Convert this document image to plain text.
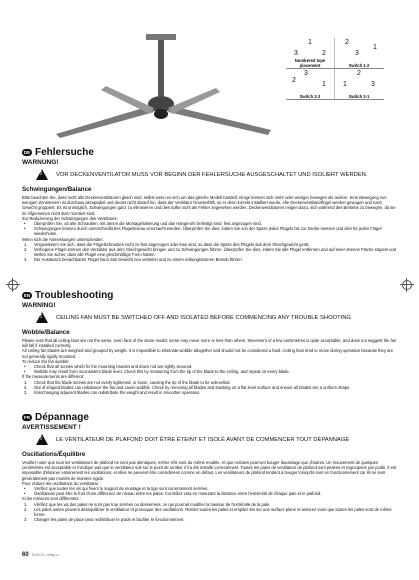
1
3	2
Numbered tape placement
2
3
1
Switch 1-2
2
3
1
Switch 2-3
2
1	3
Switch 3-1
DE Fehlersuche
WARNUNG!
! VOR DECKENVENTILATOR MUSS VOR BEGINN DER FEHLERSUCHE AUSGESCHALTET UND ISOLIERT WERDEN.
Schwingungen/Balance

Bitte beachten Sie, dass nicht alle Deckenventilatoren gleich sind, selbst wenn es sich um das gleiche Modell handelt; einige können sich mehr oder weniger bewegen als andere. Eine Bewegung von wenigen Zentimetern ist durchaus akzeptabel und deutet nicht darauf hin, dass der Ventilator hinunterfällt, so er denn korrekt installiert wurde. Alle Deckenventilatorflügel werden gewogen und nach Gewicht gruppiert. Es ist unmöglich, Schwingungen ganz zu eliminieren und dies sollte nicht als Fehler angesehen werden. Deckenventilatoren neigen dazu, sich während des Betriebs zu bewegen, da sie im Allgemeinen nicht starr montiert sind.

Zur Reduzierung der Schwingungen des Ventilators:

•	Überprüfen Sie, ob alle Schrauben, mit denen die Montagehalterung und das Hängerohr befestigt sind, fest angezogen sind.
•	Schwingungen können durch unterschiedliches Flügelniveau verursacht werden. Überprüfen Sie dies, indem Sie von der Spitze jedes Flügels bis zur Decke messen und dies für jeden Flügel wiederholen.

Wenn sich die Abmessungen unterscheiden:

1.	Vergewissern Sie sich, dass die Flügelschrauben nicht zu fest angezogen oder lose sind, so dass die Spitze des Flügels aus dem Gleichgewicht gerät.
2.	Verbogene Flügel können den Ventilator aus dem Gleichgewicht bringen und zu Schwingungen führen. Überprüfen Sie dies, indem Sie alle Flügel entfernen und auf einer ebenen Fläche stapeln und stellen Sie sicher, dass alle Flügel eine gleichmäßige Form haben.
3.	Der Austausch benachbarter Flügel kann das Gewicht neu verteilen und zu einem reibungsloseren Betrieb führen.
EN Troubleshooting
WARNING!
! CEILING FAN MUST BE SWITCHED OFF AND ISOLATED BEFORE COMMENCING ANY TROUBLE SHOOTING
Wobble/Balance

Please note that all ceiling fans are not the same, even fans of the same model; some may move more or less than others. Movement of a few centimetres is quite acceptable, and does not suggest the fan will fall if installed correctly.

All ceiling fan blades are weighed and grouped by weight. It is impossible to eliminate wobble altogether and should not be considered a fault. Ceiling fans tend to move during operation because they are not generally rigidly mounted.

To reduce the fan wobble:

•	Check that all screws which fix the mounting bracket and down rod are tightly secured.
•	Wobble may result from inconsistent blade level. Check this by measuring from the tip of the blade to the ceiling, and repeat on every blade.

If the measurements are different:

1.	Check that the blade screws are not overly tightened, or loose, causing the tip of the blade to be unlevelled.
2.	Out of shaped blades can unbalance the fan and cause wobble. Check by removing all blades and stacking on a flat level surface and ensure all blades are a uniform shape.
3.	Interchanging adjacent blades can redistribute the weight and result in smoother operation.
FR Dépannage
AVERTISSEMENT !
! LE VENTILATEUR DE PLAFOND DOIT ÊTRE ÉTEINT ET ISOLÉ AVANT DE COMMENCER TOUT DÉPANNAGE
Oscillations/Équilibre

Veuillez noter que tous les ventilateurs de plafond ne sont pas identiques, même s'ils sont du même modèle, et que certains pourront bouger davantage que d'autres. Un mouvement de quelques centimètres est acceptable et n'indique pas que le ventilateur soit sur le point de tomber s'il a été installé correctement. Toutes les pales de ventilateur de plafond sont pesées et regroupées par poids. Il est impossible d'éliminer entièrement les oscillations, et elles ne peuvent être considérées comme un défaut. Les ventilateurs de plafond tendent à bouger lorsqu'ils sont en fonctionnement car ils ne sont généralement pas montés de manière rigide.

Pour réduire les oscillations du ventilateur :

•	Vérifiez que toutes les vis qui fixent le support de montage et la tige sont correctement serrées.
•	Oscillations peut être le fruit d'une différence de niveau entre les pales. Contrôlez cela en mesurant la distance entre l'extrémité de chaque pale et le plafond.

Si les mesures sont différentes :

1.	Vérifiez que les vis des pales ne sont pas trop serrées ou desserrées, ce qui pourrait modifier la hauteur de l'extrémité de la pale.
2.	Les pales usées peuvent déséquilibrer le ventilateur et provoquer des oscillations. Retirez toutes les pales et empilez-les sur une surface plane et assurez-vous que toutes les pales sont de même forme.
3.	Changer les pales de place peut redistribuer le poids et faciliter le fonctionnement.
60 KUDOS | lebig.nz
